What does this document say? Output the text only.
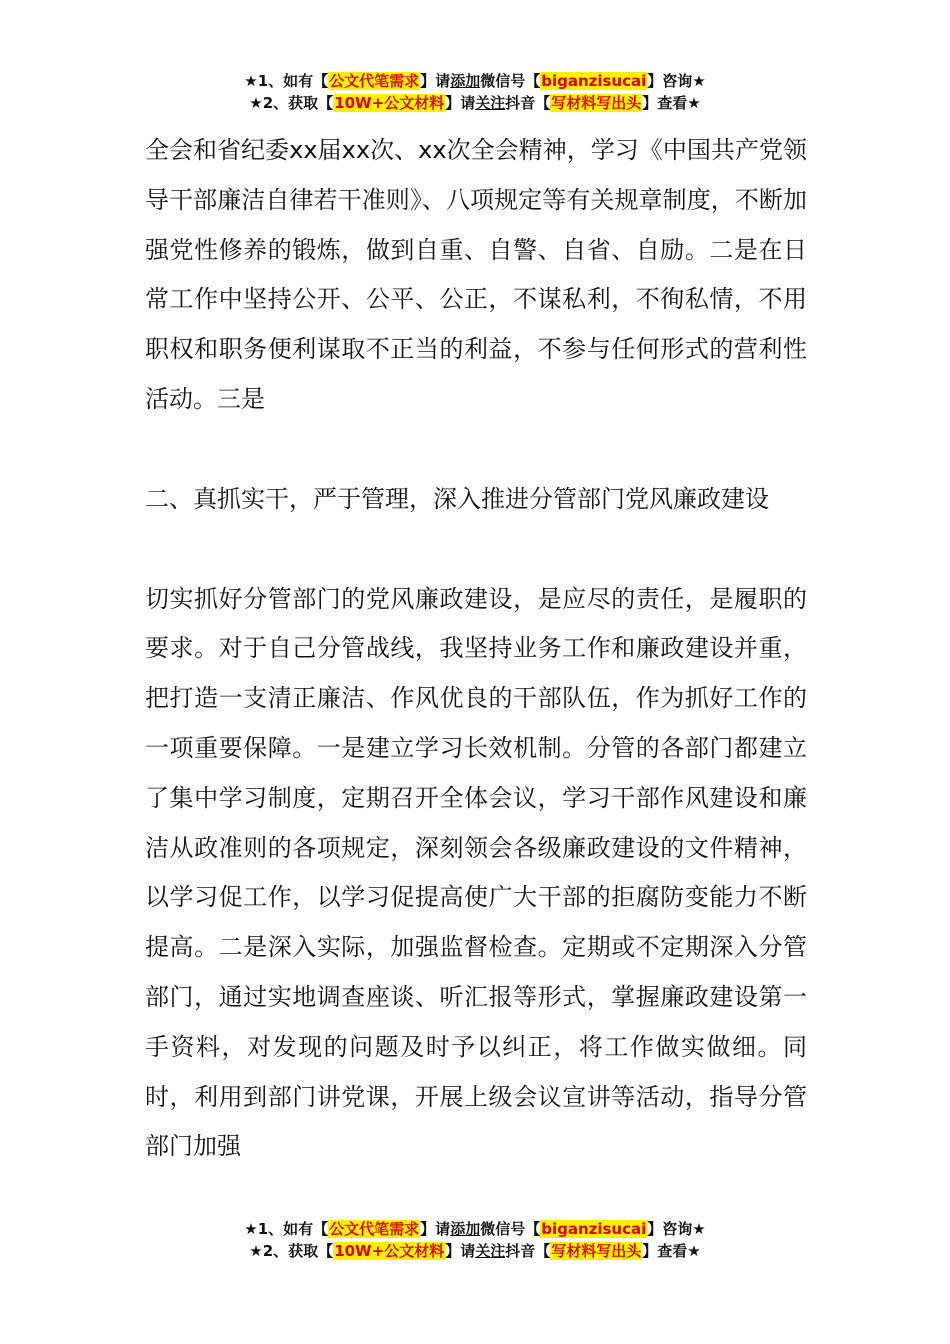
★1、如有【公文代笔需求】请添加微信号【biganzisucai】咨询★
★2、获取【10W+公文材料】请关注抖音【写材料写出头】查看★

全会和省纪委xx届xx次、xx次全会精神，学习《中国共产党领导干部廉洁自律若干准则》、八项规定等有关规章制度，不断加强党性修养的锻炼，做到自重、自警、自省、自励。二是在日常工作中坚持公开、公平、公正，不谋私利，不徇私情，不用职权和职务便利谋取不正当的利益，不参与任何形式的营利性活动。三是

二、真抓实干，严于管理，深入推进分管部门党风廉政建设

切实抓好分管部门的党风廉政建设，是应尽的责任，是履职的要求。对于自己分管战线，我坚持业务工作和廉政建设并重，把打造一支清正廉洁、作风优良的干部队伍，作为抓好工作的一项重要保障。一是建立学习长效机制。分管的各部门都建立了集中学习制度，定期召开全体会议，学习干部作风建设和廉洁从政准则的各项规定，深刻领会各级廉政建设的文件精神，以学习促工作，以学习促提高使广大干部的拒腐防变能力不断提高。二是深入实际，加强监督检查。定期或不定期深入分管部门，通过实地调查座谈、听汇报等形式，掌握廉政建设第一手资料，对发现的问题及时予以纠正，将工作做实做细。同时，利用到部门讲党课，开展上级会议宣讲等活动，指导分管部门加强

★1、如有【公文代笔需求】请添加微信号【biganzisucai】咨询★
★2、获取【10W+公文材料】请关注抖音【写材料写出头】查看★
